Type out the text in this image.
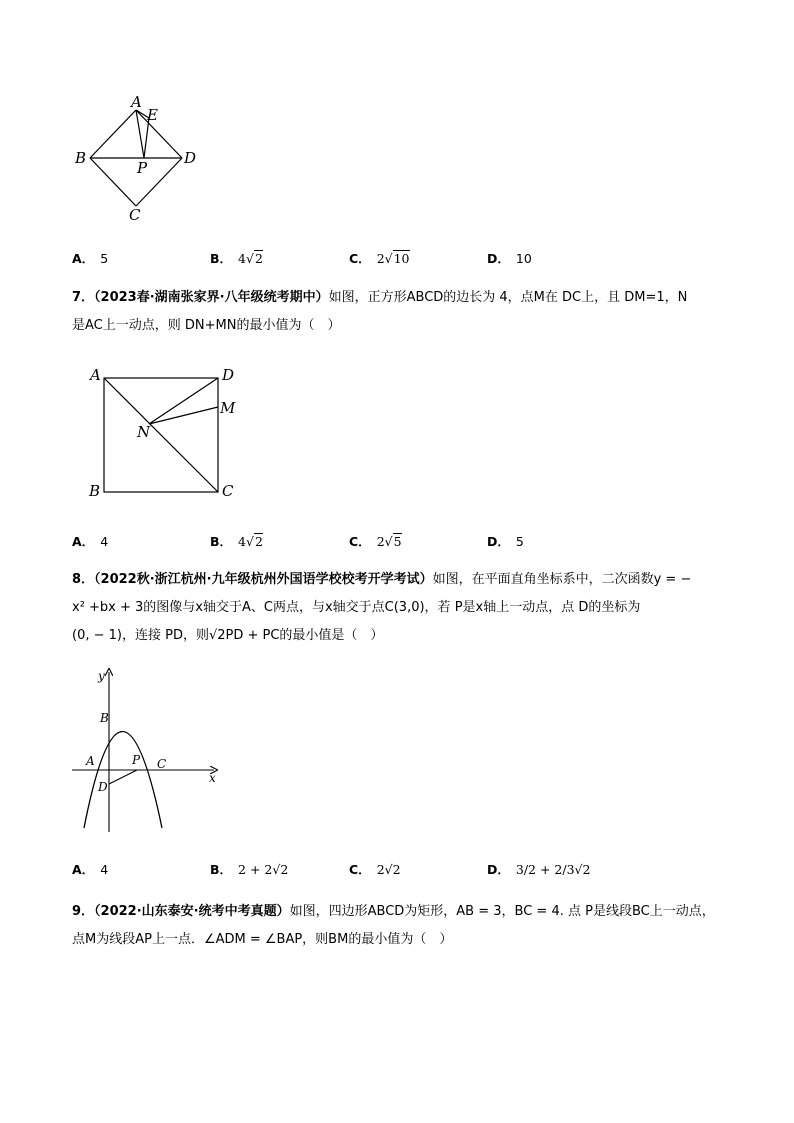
A
E
B
P
D
C
A． 5	B． 4√2	C． 2√10	D． 10
7．（2023春·湖南张家界·八年级统考期中）如图，正方形ABCD的边长为 4，点M在 DC上，且 DM=1，N
是AC上一动点，则 DN+MN的最小值为（　）
A	D
M
N
B	C
A． 4	B． 4√2	C． 2√5	D． 5
8．（2022秋·浙江杭州·九年级杭州外国语学校校考开学考试）如图，在平面直角坐标系中，二次函数y = −
x² +bx + 3的图像与x轴交于A、C两点，与x轴交于点C(3,0)，若 P是x轴上一动点，点 D的坐标为
(0, − 1)，连接 PD，则√2PD + PC的最小值是（　）
y
B
A	P C
x
D
A． 4	B． 2 + 2√2	C． 2√2	D． 3/2 + 2/3√2
9．（2022·山东泰安·统考中考真题）如图，四边形ABCD为矩形，AB = 3，BC = 4. 点 P是线段BC上一动点，
点M为线段AP上一点．∠ADM = ∠BAP，则BM的最小值为（　）
